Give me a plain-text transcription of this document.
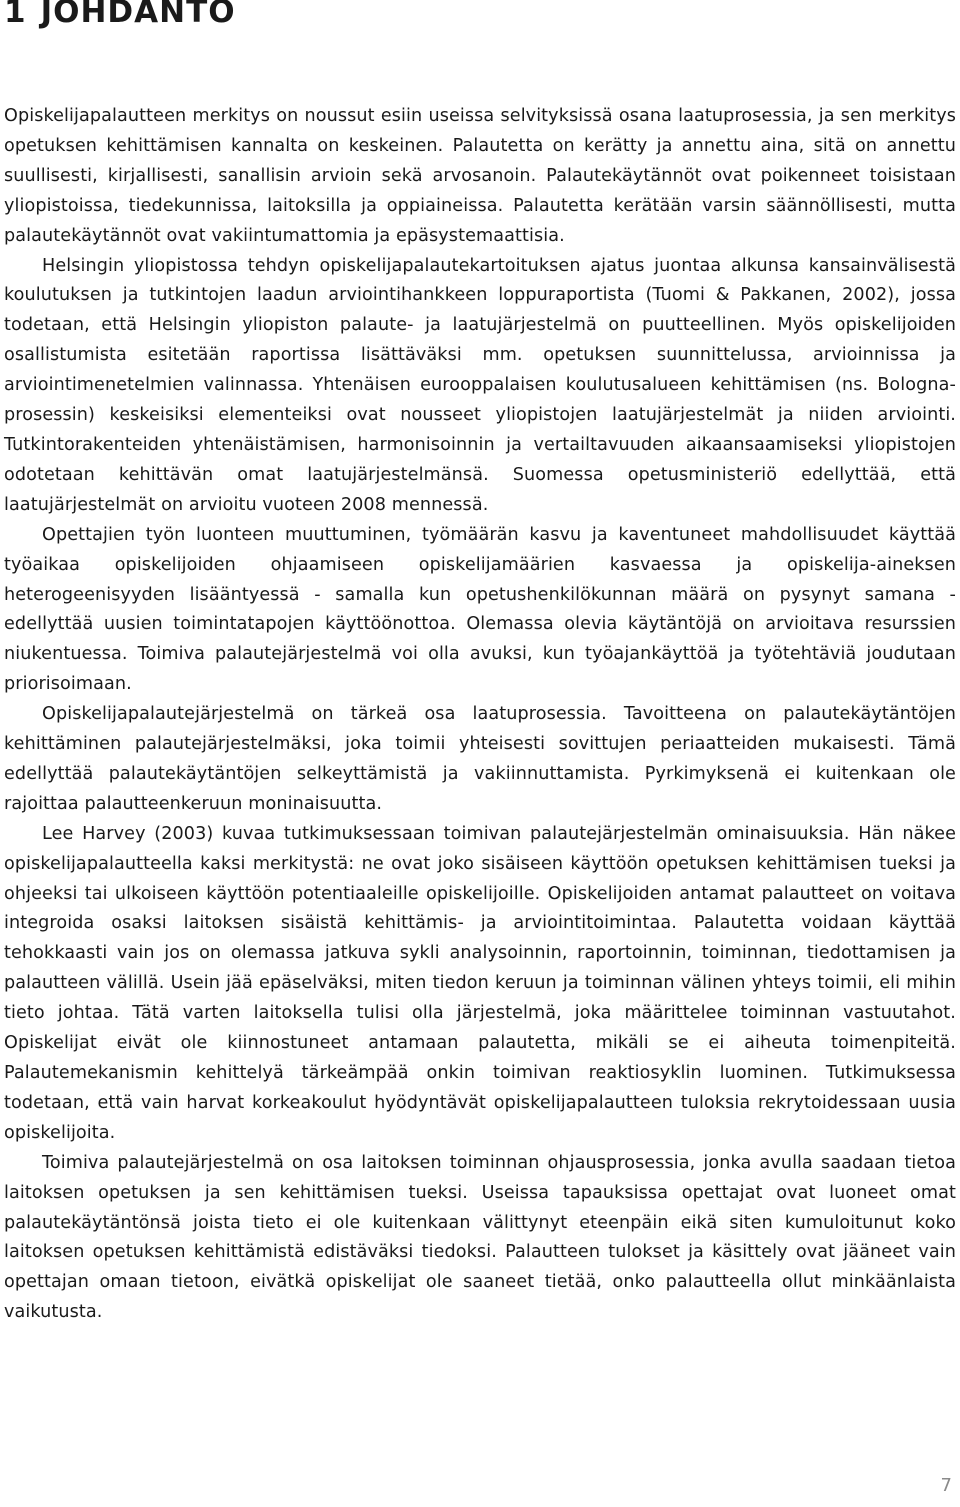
1 JOHDANTO

Opiskelijapalautteen merkitys on noussut esiin useissa selvityksissä osana laatuprosessia, ja sen merkitys opetuksen kehittämisen kannalta on keskeinen. Palautetta on kerätty ja annettu aina, sitä on annettu suullisesti, kirjallisesti, sanallisin arvioin sekä arvosanoin. Palautekäytännöt ovat poikenneet toisistaan yliopistoissa, tiedekunnissa, laitoksilla ja oppiaineissa. Palautetta kerätään varsin säännöllisesti, mutta palautekäytännöt ovat vakiintumattomia ja epäsystemaattisia.

Helsingin yliopistossa tehdyn opiskelijapalautekartoituksen ajatus juontaa alkunsa kansainvälisestä koulutuksen ja tutkintojen laadun arviointihankkeen loppuraportista (Tuomi & Pakkanen, 2002), jossa todetaan, että Helsingin yliopiston palaute- ja laatujärjestelmä on puutteellinen. Myös opiskelijoiden osallistumista esitetään raportissa lisättäväksi mm. opetuksen suunnittelussa, arvioinnissa ja arviointimenetelmien valinnassa. Yhtenäisen eurooppalaisen koulutusalueen kehittämisen (ns. Bologna-prosessin) keskeisiksi elementeiksi ovat nousseet yliopistojen laatujärjestelmät ja niiden arviointi. Tutkintorakenteiden yhtenäistämisen, harmonisoinnin ja vertailtavuuden aikaansaamiseksi yliopistojen odotetaan kehittävän omat laatujärjestelmänsä. Suomessa opetusministeriö edellyttää, että laatujärjestelmät on arvioitu vuoteen 2008 mennessä.

Opettajien työn luonteen muuttuminen, työmäärän kasvu ja kaventuneet mahdollisuudet käyttää työaikaa opiskelijoiden ohjaamiseen opiskelijamäärien kasvaessa ja opiskelija-aineksen heterogeenisyyden lisääntyessä - samalla kun opetushenkilökunnan määrä on pysynyt samana - edellyttää uusien toimintatapojen käyttöönottoa. Olemassa olevia käytäntöjä on arvioitava resurssien niukentuessa. Toimiva palautejärjestelmä voi olla avuksi, kun työajankäyttöä ja työtehtäviä joudutaan priorisoimaan.

Opiskelijapalautejärjestelmä on tärkeä osa laatuprosessia. Tavoitteena on palautekäytäntöjen kehittäminen palautejärjestelmäksi, joka toimii yhteisesti sovittujen periaatteiden mukaisesti. Tämä edellyttää palautekäytäntöjen selkeyttämistä ja vakiinnuttamista. Pyrkimyksenä ei kuitenkaan ole rajoittaa palautteenkeruun moninaisuutta.

Lee Harvey (2003) kuvaa tutkimuksessaan toimivan palautejärjestelmän ominaisuuksia. Hän näkee opiskelijapalautteella kaksi merkitystä: ne ovat joko sisäiseen käyttöön opetuksen kehittämisen tueksi ja ohjeeksi tai ulkoiseen käyttöön potentiaaleille opiskelijoille. Opiskelijoiden antamat palautteet on voitava integroida osaksi laitoksen sisäistä kehittämis- ja arviointitoimintaa. Palautetta voidaan käyttää tehokkaasti vain jos on olemassa jatkuva sykli analysoinnin, raportoinnin, toiminnan, tiedottamisen ja palautteen välillä. Usein jää epäselväksi, miten tiedon keruun ja toiminnan välinen yhteys toimii, eli mihin tieto johtaa. Tätä varten laitoksella tulisi olla järjestelmä, joka määrittelee toiminnan vastuutahot. Opiskelijat eivät ole kiinnostuneet antamaan palautetta, mikäli se ei aiheuta toimenpiteitä. Palautemekanismin kehittelyä tärkeämpää onkin toimivan reaktiosyklin luominen. Tutkimuksessa todetaan, että vain harvat korkeakoulut hyödyntävät opiskelijapalautteen tuloksia rekrytoidessaan uusia opiskelijoita.

Toimiva palautejärjestelmä on osa laitoksen toiminnan ohjausprosessia, jonka avulla saadaan tietoa laitoksen opetuksen ja sen kehittämisen tueksi. Useissa tapauksissa opettajat ovat luoneet omat palautekäytäntönsä joista tieto ei ole kuitenkaan välittynyt eteenpäin eikä siten kumuloitunut koko laitoksen opetuksen kehittämistä edistäväksi tiedoksi. Palautteen tulokset ja käsittely ovat jääneet vain opettajan omaan tietoon, eivätkä opiskelijat ole saaneet tietää, onko palautteella ollut minkäänlaista vaikutusta.

7
